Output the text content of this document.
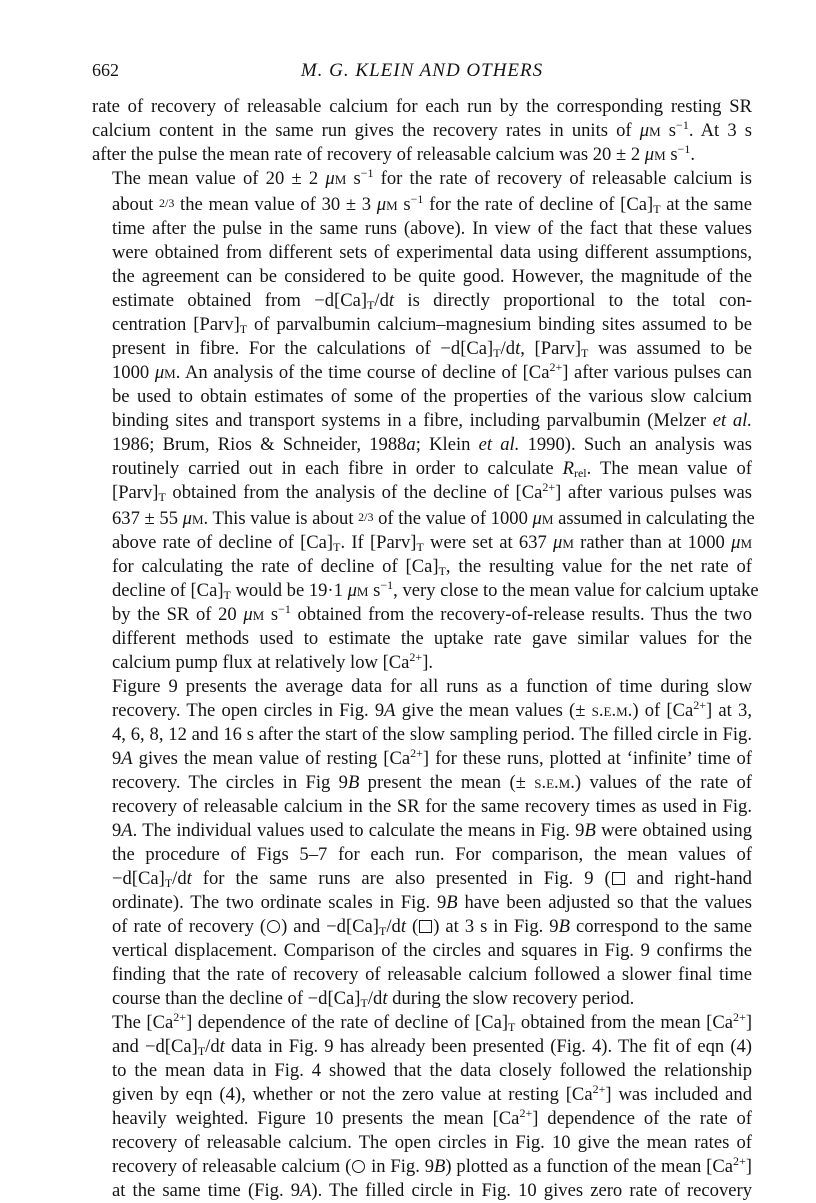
662	M. G. KLEIN AND OTHERS

rate of recovery of releasable calcium for each run by the corresponding resting SR
calcium content in the same run gives the recovery rates in units of μm $s^{-1}$. At 3 s
after the pulse the mean rate of recovery of releasable calcium was 20 ± 2 μm $s^{-1}$.

The mean value of 20 ± 2 μm $s^{-1}$ for the rate of recovery of releasable calcium is
about 2/3 the mean value of 30 ± 3 μm $s^{-1}$ for the rate of decline of $[Ca]_T$ at the same
time after the pulse in the same runs (above). In view of the fact that these values
were obtained from different sets of experimental data using different assumptions,
the agreement can be considered to be quite good. However, the magnitude of the
estimate obtained from $-d[Ca]_T/dt$ is directly proportional to the total con-
centration $[Parv]_T$ of parvalbumin calcium–magnesium binding sites assumed to be
present in fibre. For the calculations of $-d[Ca]_T/dt$, $[Parv]_T$ was assumed to be
1000 μm. An analysis of the time course of decline of $[Ca^{2+}]$ after various pulses can
be used to obtain estimates of some of the properties of the various slow calcium
binding sites and transport systems in a fibre, including parvalbumin (Melzer et al.
1986; Brum, Rios & Schneider, 1988a; Klein et al. 1990). Such an analysis was
routinely carried out in each fibre in order to calculate $R_{rel}$. The mean value of
$[Parv]_T$ obtained from the analysis of the decline of $[Ca^{2+}]$ after various pulses was
637 ± 55 μm. This value is about 2/3 of the value of 1000 μm assumed in calculating the
above rate of decline of $[Ca]_T$. If $[Parv]_T$ were set at 637 μm rather than at 1000 μm
for calculating the rate of decline of $[Ca]_T$, the resulting value for the net rate of
decline of $[Ca]_T$ would be 19·1 μm $s^{-1}$, very close to the mean value for calcium uptake
by the SR of 20 μm $s^{-1}$ obtained from the recovery-of-release results. Thus the two
different methods used to estimate the uptake rate gave similar values for the
calcium pump flux at relatively low $[Ca^{2+}]$.

Figure 9 presents the average data for all runs as a function of time during slow
recovery. The open circles in Fig. 9A give the mean values (± s.e.m.) of $[Ca^{2+}]$ at 3,
4, 6, 8, 12 and 16 s after the start of the slow sampling period. The filled circle in Fig.
9A gives the mean value of resting $[Ca^{2+}]$ for these runs, plotted at ‘infinite’ time of
recovery. The circles in Fig 9B present the mean (± s.e.m.) values of the rate of
recovery of releasable calcium in the SR for the same recovery times as used in Fig.
9A. The individual values used to calculate the means in Fig. 9B were obtained using
the procedure of Figs 5–7 for each run. For comparison, the mean values of
$-d[Ca]_T/dt$ for the same runs are also presented in Fig. 9 ( and right-hand
ordinate). The two ordinate scales in Fig. 9B have been adjusted so that the values
of rate of recovery ( ) and $-d[Ca]_T/dt$ ( ) at 3 s in Fig. 9B correspond to the same
vertical displacement. Comparison of the circles and squares in Fig. 9 confirms the
finding that the rate of recovery of releasable calcium followed a slower final time
course than the decline of $-d[Ca]_T/dt$ during the slow recovery period.

The $[Ca^{2+}]$ dependence of the rate of decline of $[Ca]_T$ obtained from the mean $[Ca^{2+}]$
and $-d[Ca]_T/dt$ data in Fig. 9 has already been presented (Fig. 4). The fit of eqn (4)
to the mean data in Fig. 4 showed that the data closely followed the relationship
given by eqn (4), whether or not the zero value at resting $[Ca^{2+}]$ was included and
heavily weighted. Figure 10 presents the mean $[Ca^{2+}]$ dependence of the rate of
recovery of releasable calcium. The open circles in Fig. 10 give the mean rates of
recovery of releasable calcium ( in Fig. 9B) plotted as a function of the mean $[Ca^{2+}]$
at the same time (Fig. 9A). The filled circle in Fig. 10 gives zero rate of recovery
